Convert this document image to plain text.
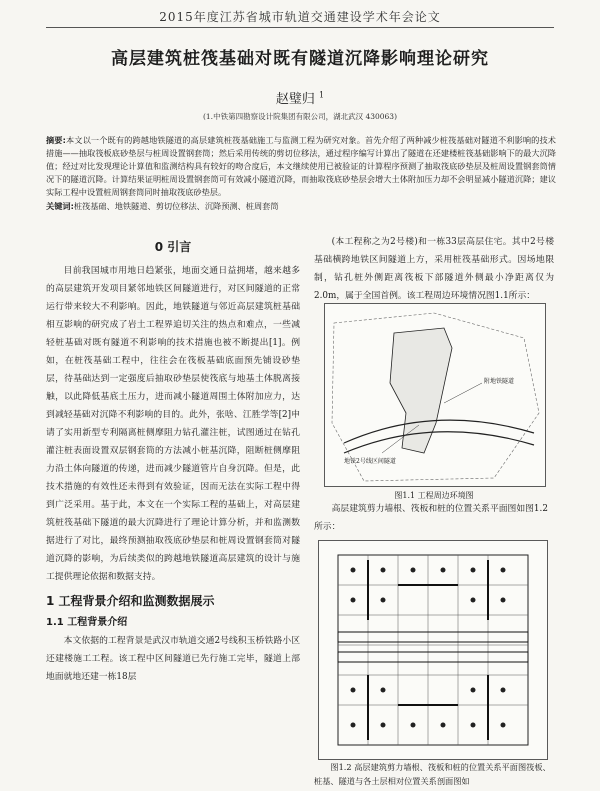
2015年度江苏省城市轨道交通建设学术年会论文
高层建筑桩筏基础对既有隧道沉降影响理论研究
赵璧归 $^1$
(1.中铁第四勘察设计院集团有限公司，湖北武汉 430063)
摘要:本文以一个既有的跨越地铁隧道的高层建筑桩筏基础施工与监测工程为研究对象。首先介绍了两种减少桩筏基础对隧道不利影响的技术措施——抽取筏板底砂垫层与桩周设置钢套筒；然后采用传统的剪切位移法，通过程序编写计算出了隧道在还建楼桩筏基础影响下的最大沉降值；经过对比发现理论计算值和监测结构具有较好的吻合度后，本文继续使用已被验证的计算程序预测了抽取筏底砂垫层及桩周设置钢套筒情况下的隧道沉降。计算结果证明桩周设置钢套筒可有效减小隧道沉降，而抽取筏底砂垫层会增大土体附加压力却不会明显减小隧道沉降；建议实际工程中设置桩周钢套筒同时抽取筏底砂垫层。
关键词:桩筏基础、地铁隧道、剪切位移法、沉降预测、桩周套筒
0 引言

目前我国城市用地日趋紧张，地面交通日益拥堵，越来越多的高层建筑开发项目紧邻地铁区间隧道进行，对区间隧道的正常运行带来较大不利影响。因此，地铁隧道与邻近高层建筑桩基础相互影响的研究成了岩土工程界追切关注的热点和难点，一些减轻桩基础对既有隧道不利影响的技术措施也被不断提出[1]。例如，在桩筏基础工程中，往往会在筏板基础底面预先铺设砂垫层，待基础达到一定强度后抽取砂垫层使筏底与地基土体脱离接触，以此降低基底土压力，进而减小隧道周围土体附加应力，达到减轻基础对沉降不利影响的目的。此外，张啥、江胜学等[2]申请了实用新型专利隔离桩侧摩阻力钻孔灌注桩，试图通过在钻孔灌注桩表面设置双层钢套筒的方法减小桩基沉降，阻断桩侧摩阻力沿土体向隧道的传递，进而减少隧道管片自身沉降。但是，此技术措施的有效性还未得到有效验证，因而无法在实际工程中得到广泛采用。基于此，本文在一个实际工程的基础上，对高层建筑桩筏基础下隧道的最大沉降进行了理论计算分析，并和监测数据进行了对比，最终预测抽取筏底砂垫层和桩周设置钢套筒对隧道沉降的影响，为后续类似的跨越地铁隧道高层建筑的设计与施工提供理论依据和数据支持。

1 工程背景介绍和监测数据展示
1.1 工程背景介绍

本文依据的工程背景是武汉市轨道交通2号线积玉桥铁路小区还建楼施工工程。该工程中区间隧道已先行施工完毕，隧道上部地面就地还建一栋18层

(本工程称之为2号楼)和一栋33层高层住宅。其中2号楼基础横跨地铁区间隧道上方，采用桩筏基础形式。因场地限制，钻孔桩外侧距离筏板下部隧道外侧最小净距离仅为2.0m，属于全国首例。该工程周边环境情况图1.1所示：

附地铁隧道
地铁2号线区间隧道
图1.1 工程周边环境图
高层建筑剪力墙根、筏板和桩的位置关系平面图如图1.2所示：
图1.2 高层建筑剪力墙根、筏板和桩的位置关系平面图筏板、桩基、隧道与各土层相对位置关系剖面图如
